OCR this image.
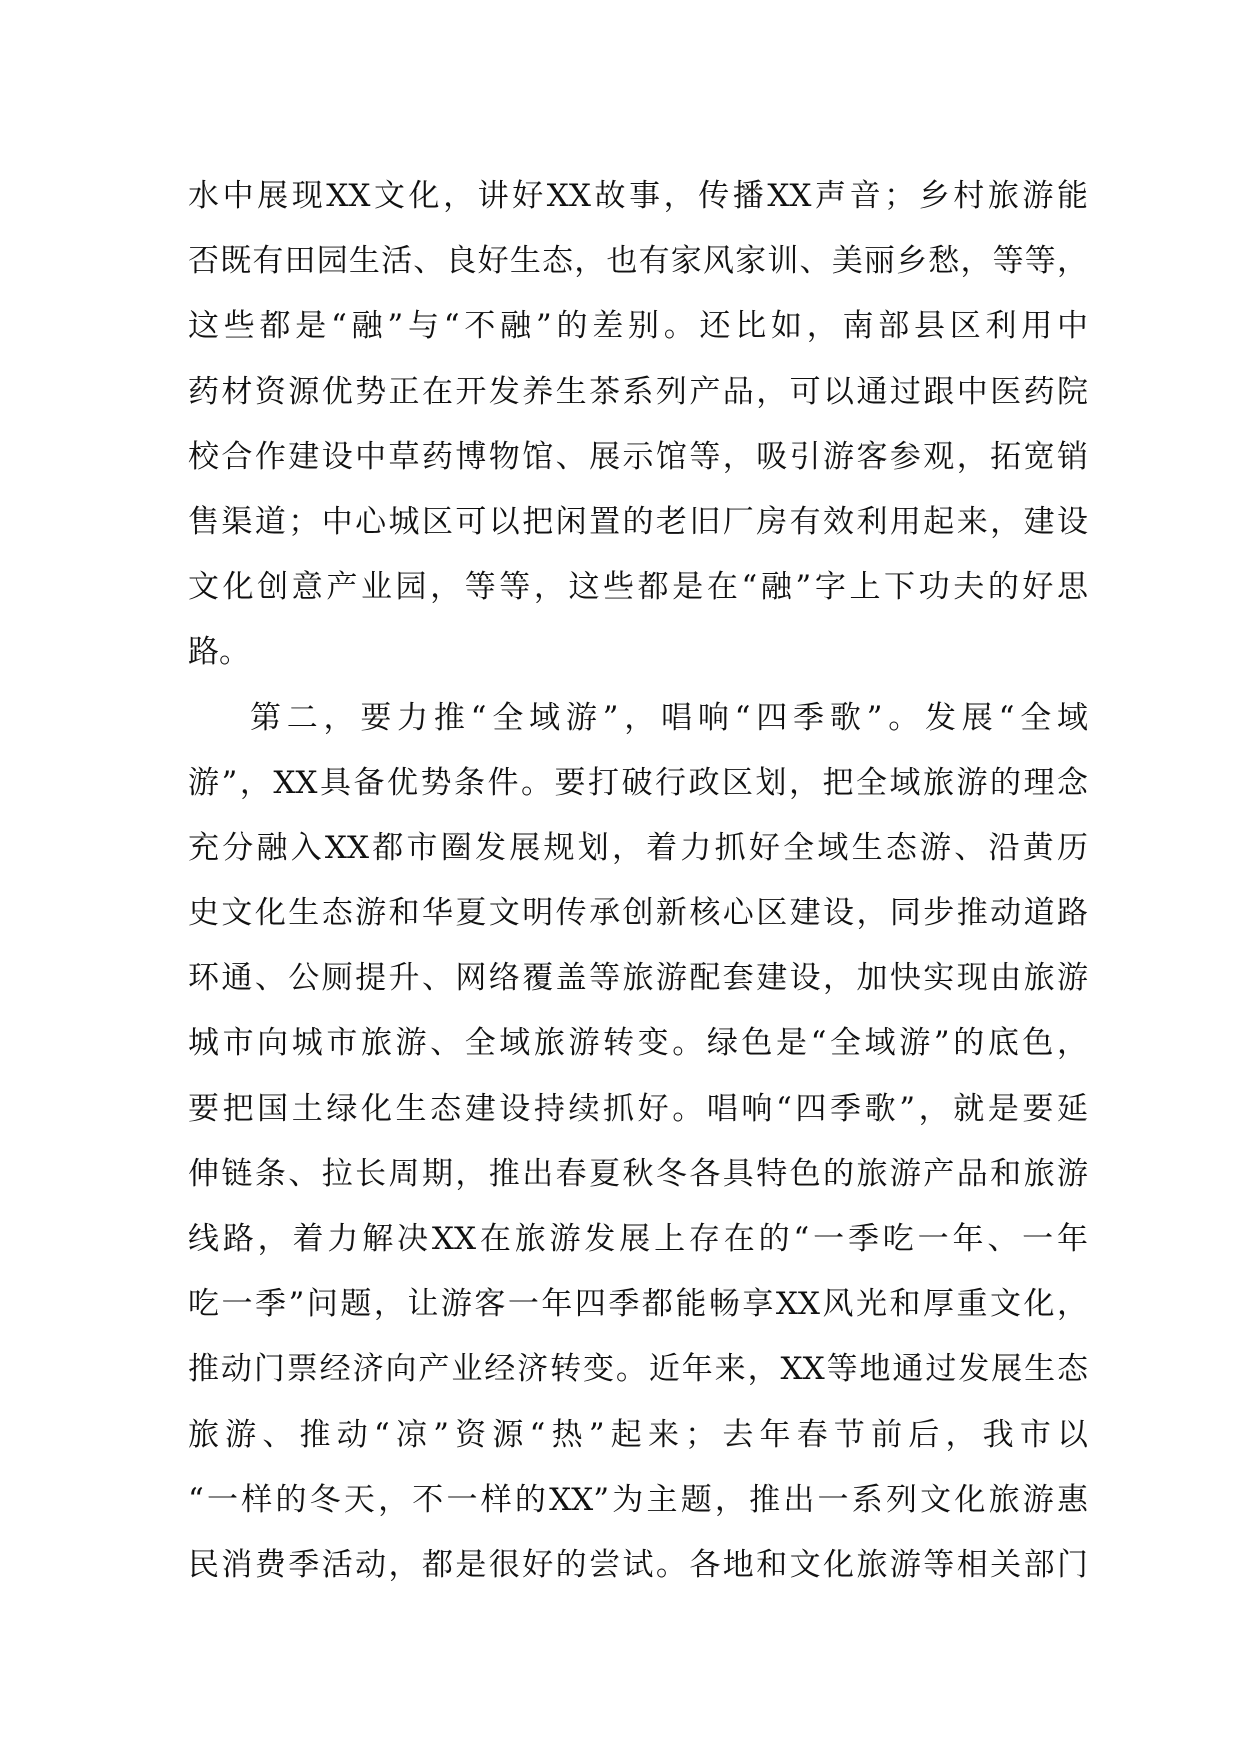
水中展现XX文化，讲好XX故事，传播XX声音；乡村旅游能
否既有田园生活、良好生态，也有家风家训、美丽乡愁，等等，
这些都是“融”与“不融”的差别。还比如，南部县区利用中
药材资源优势正在开发养生茶系列产品，可以通过跟中医药院
校合作建设中草药博物馆、展示馆等，吸引游客参观，拓宽销
售渠道；中心城区可以把闲置的老旧厂房有效利用起来，建设
文化创意产业园，等等，这些都是在“融”字上下功夫的好思
路。
第二，要力推“全域游”，唱响“四季歌”。发展“全域
游”，XX具备优势条件。要打破行政区划，把全域旅游的理念
充分融入XX都市圈发展规划，着力抓好全域生态游、沿黄历
史文化生态游和华夏文明传承创新核心区建设，同步推动道路
环通、公厕提升、网络覆盖等旅游配套建设，加快实现由旅游
城市向城市旅游、全域旅游转变。绿色是“全域游”的底色，
要把国土绿化生态建设持续抓好。唱响“四季歌”，就是要延
伸链条、拉长周期，推出春夏秋冬各具特色的旅游产品和旅游
线路，着力解决XX在旅游发展上存在的“一季吃一年、一年
吃一季”问题，让游客一年四季都能畅享XX风光和厚重文化，
推动门票经济向产业经济转变。近年来，XX等地通过发展生态
旅游、推动“凉”资源“热”起来；去年春节前后，我市以
“一样的冬天，不一样的XX”为主题，推出一系列文化旅游惠
民消费季活动，都是很好的尝试。各地和文化旅游等相关部门
